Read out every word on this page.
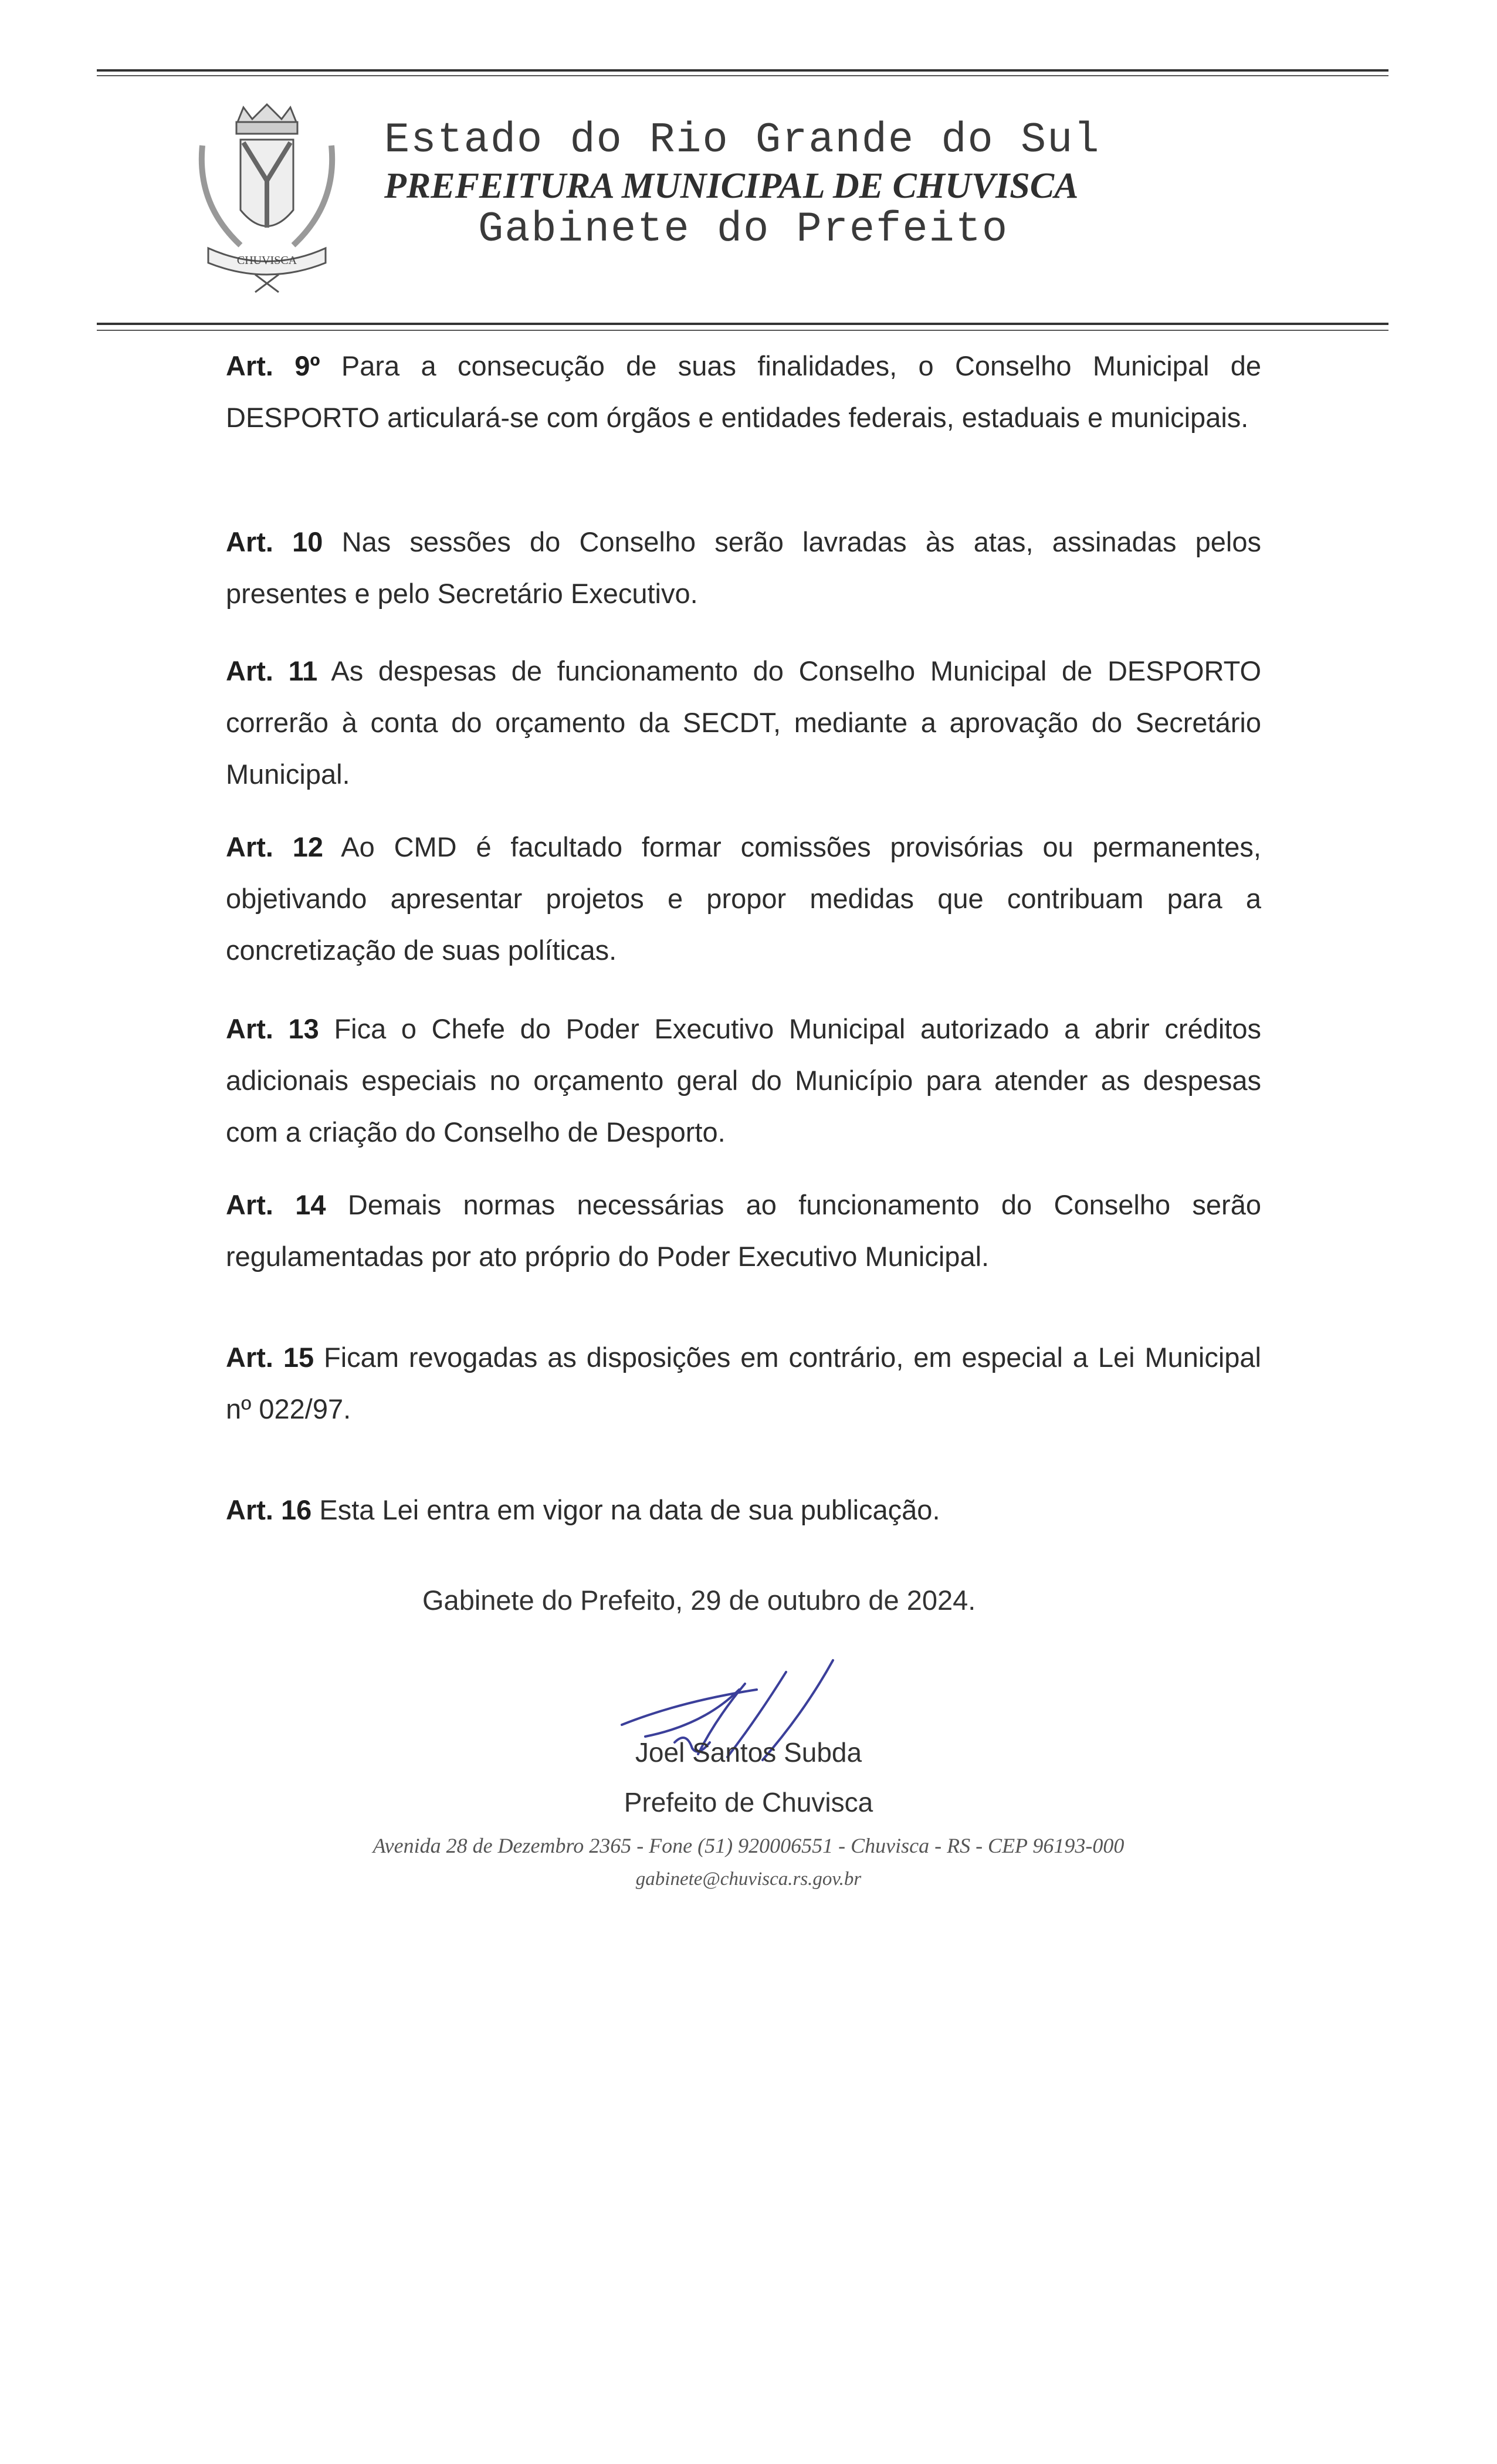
CHUVISCA
Estado do Rio Grande do Sul
PREFEITURA MUNICIPAL DE CHUVISCA
Gabinete do Prefeito

Art. 9º Para a consecução de suas finalidades, o Conselho Municipal de DESPORTO articulará-se com órgãos e entidades federais, estaduais e municipais.

Art. 10 Nas sessões do Conselho serão lavradas às atas, assinadas pelos presentes e pelo Secretário Executivo.

Art. 11 As despesas de funcionamento do Conselho Municipal de DESPORTO correrão à conta do orçamento da SECDT, mediante a aprovação do Secretário Municipal.

Art. 12 Ao CMD é facultado formar comissões provisórias ou permanentes, objetivando apresentar projetos e propor medidas que contribuam para a concretização de suas políticas.

Art. 13 Fica o Chefe do Poder Executivo Municipal autorizado a abrir créditos adicionais especiais no orçamento geral do Município para atender as despesas com a criação do Conselho de Desporto.

Art. 14 Demais normas necessárias ao funcionamento do Conselho serão regulamentadas por ato próprio do Poder Executivo Municipal.

Art. 15 Ficam revogadas as disposições em contrário, em especial a Lei Municipal nº 022/97.

Art. 16 Esta Lei entra em vigor na data de sua publicação.

Gabinete do Prefeito, 29 de outubro de 2024.
Joel Santos Subda
Prefeito de Chuvisca
Avenida 28 de Dezembro 2365 - Fone (51) 920006551 - Chuvisca - RS - CEP 96193-000
gabinete@chuvisca.rs.gov.br
